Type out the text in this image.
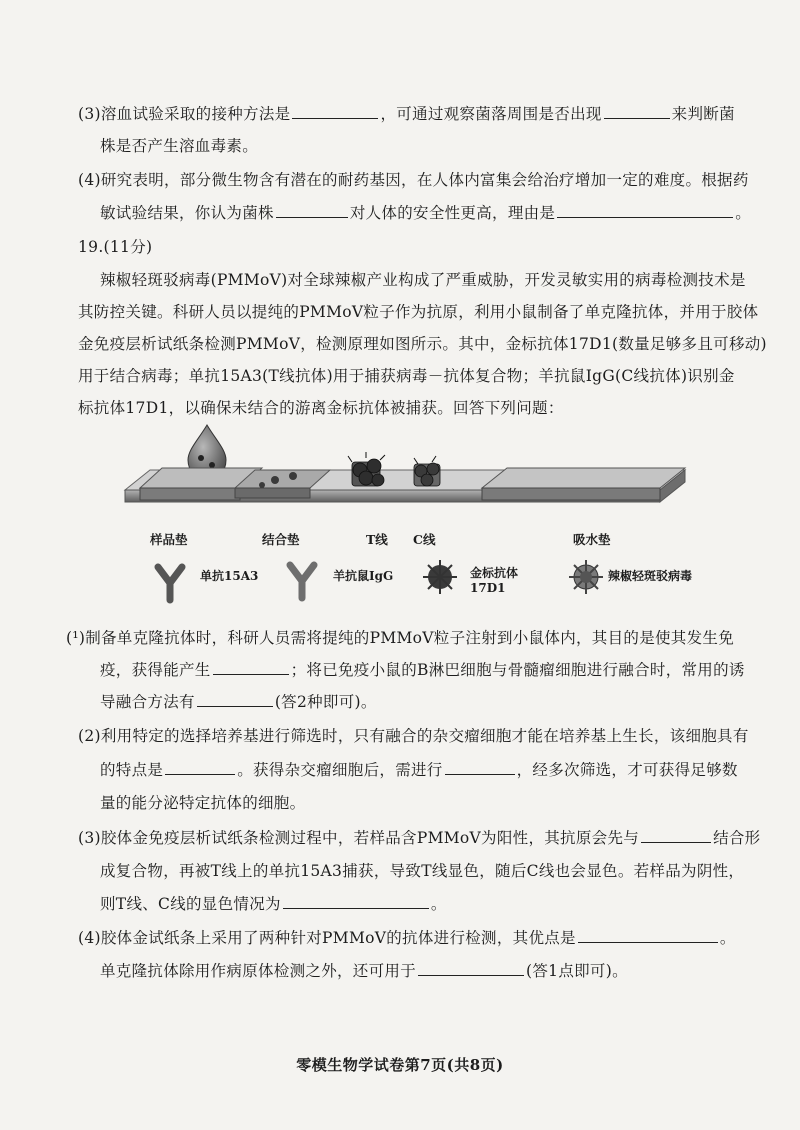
(3)溶血试验采取的接种方法是	，可通过观察菌落周围是否出现	来判断菌
株是否产生溶血毒素。
(4)研究表明，部分微生物含有潜在的耐药基因，在人体内富集会给治疗增加一定的难度。根据药
敏试验结果，你认为菌株	对人体的安全性更高，理由是	。
19.(11分)
辣椒轻斑驳病毒(PMMoV)对全球辣椒产业构成了严重威胁，开发灵敏实用的病毒检测技术是
其防控关键。科研人员以提纯的PMMoV粒子作为抗原，利用小鼠制备了单克隆抗体，并用于胶体
金免疫层析试纸条检测PMMoV，检测原理如图所示。其中，金标抗体17D1(数量足够多且可移动)
用于结合病毒；单抗15A3(T线抗体)用于捕获病毒－抗体复合物；羊抗鼠IgG(C线抗体)识别金
标抗体17D1，以确保未结合的游离金标抗体被捕获。回答下列问题：
样品垫	结合垫	T线 C线	吸水垫
单抗15A3	羊抗鼠IgG	金标抗体
17D1
辣椒轻斑驳病毒
(¹)制备单克隆抗体时，科研人员需将提纯的PMMoV粒子注射到小鼠体内，其目的是使其发生免
疫，获得能产生	；将已免疫小鼠的B淋巴细胞与骨髓瘤细胞进行融合时，常用的诱
导融合方法有	(答2种即可)。
(2)利用特定的选择培养基进行筛选时，只有融合的杂交瘤细胞才能在培养基上生长，该细胞具有
的特点是	。获得杂交瘤细胞后，需进行	，经多次筛选，才可获得足够数
量的能分泌特定抗体的细胞。
(3)胶体金免疫层析试纸条检测过程中，若样品含PMMoV为阳性，其抗原会先与	结合形
成复合物，再被T线上的单抗15A3捕获，导致T线显色，随后C线也会显色。若样品为阴性，
则T线、C线的显色情况为	。
(4)胶体金试纸条上采用了两种针对PMMoV的抗体进行检测，其优点是	。
单克隆抗体除用作病原体检测之外，还可用于	(答1点即可)。
零模生物学试卷第7页(共8页)
